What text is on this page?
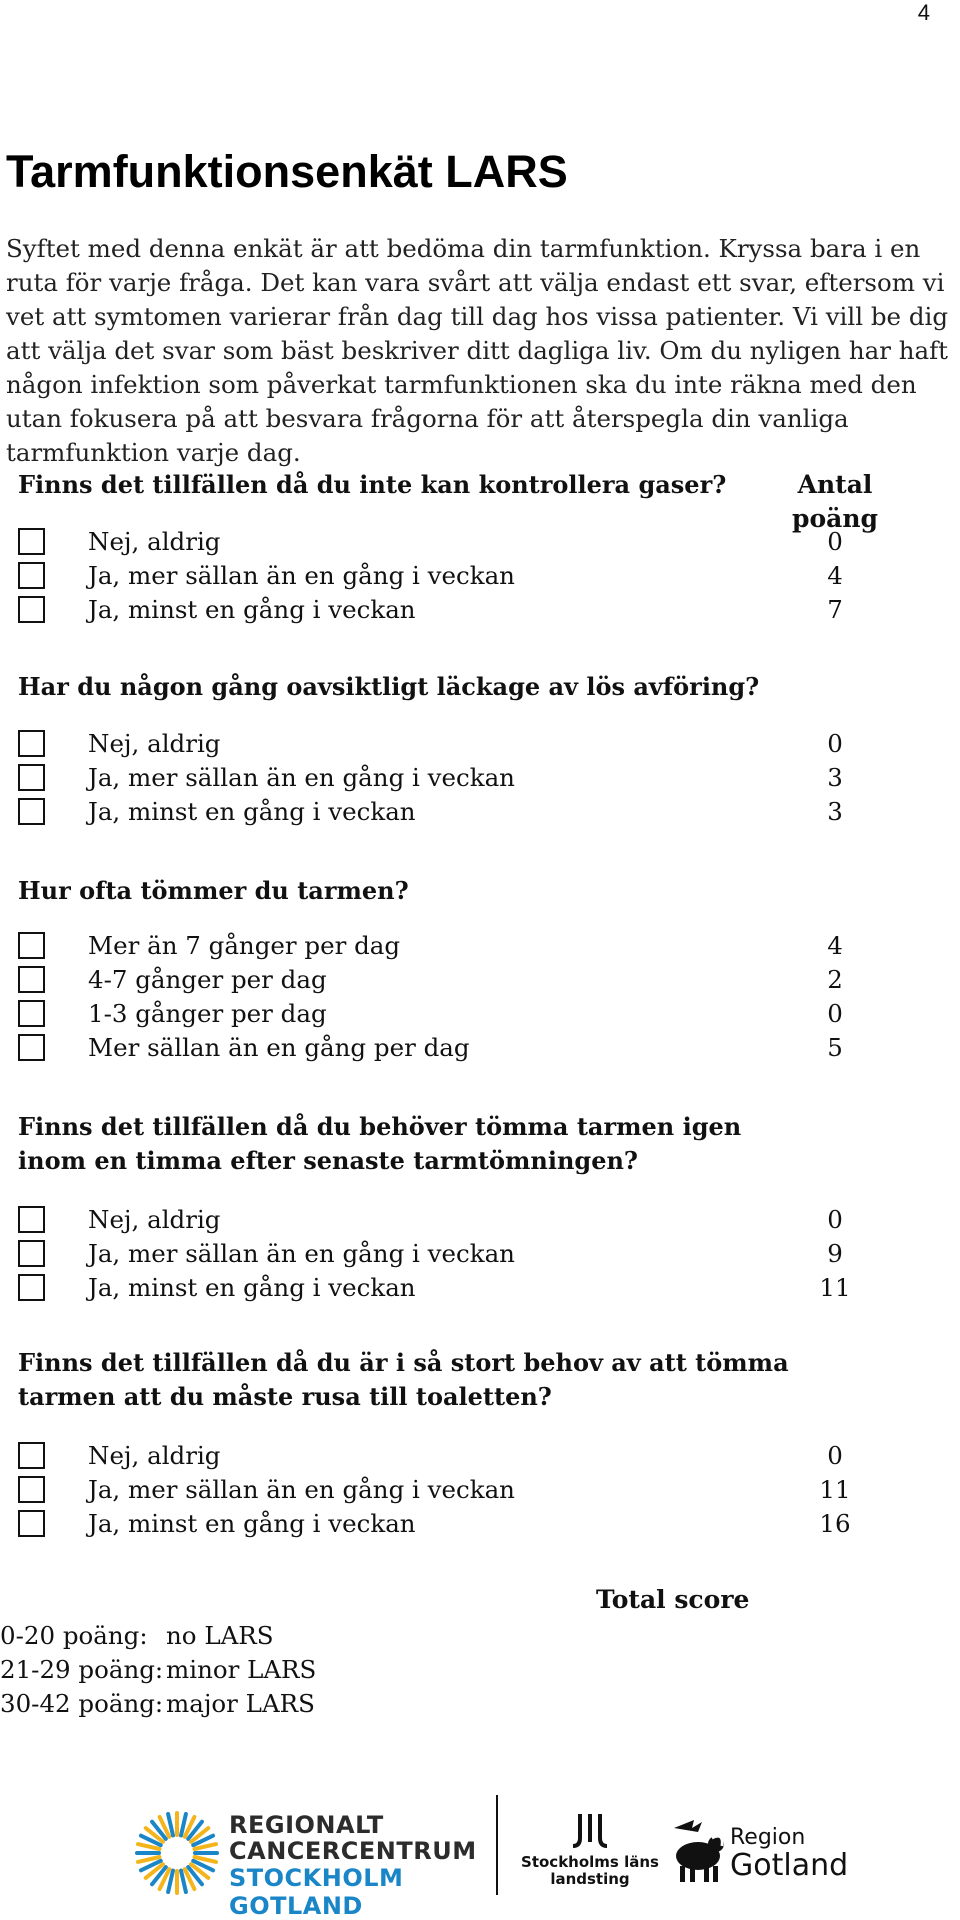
4
Tarmfunktionsenkät LARS

Syftet med denna enkät är att bedöma din tarmfunktion. Kryssa bara i en ruta för varje fråga. Det kan vara svårt att välja endast ett svar, eftersom vi vet att symtomen varierar från dag till dag hos vissa patienter. Vi vill be dig att välja det svar som bäst beskriver ditt dagliga liv. Om du nyligen har haft någon infektion som påverkat tarmfunktionen ska du inte räkna med den utan fokusera på att besvara frågorna för att återspegla din vanliga tarmfunktion varje dag.

Antal
poäng

Finns det tillfällen då du inte kan kontrollera gaser?

Nej, aldrig	0
Ja, mer sällan än en gång i veckan	4
Ja, minst en gång i veckan	7

Har du någon gång oavsiktligt läckage av lös avföring?

Nej, aldrig	0
Ja, mer sällan än en gång i veckan	3
Ja, minst en gång i veckan	3

Hur ofta tömmer du tarmen?

Mer än 7 gånger per dag	4
4-7 gånger per dag	2
1-3 gånger per dag	0
Mer sällan än en gång per dag	5

Finns det tillfällen då du behöver tömma tarmen igen
inom en timma efter senaste tarmtömningen?

Nej, aldrig	0
Ja, mer sällan än en gång i veckan	9
Ja, minst en gång i veckan	11

Finns det tillfällen då du är i så stort behov av att tömma
tarmen att du måste rusa till toaletten?

Nej, aldrig	0
Ja, mer sällan än en gång i veckan	11
Ja, minst en gång i veckan	16
Total score
0-20 poäng: no LARS
21-29 poäng: minor LARS
30-42 poäng: major LARS
REGIONALT
CANCERCENTRUM
STOCKHOLM GOTLAND
Stockholms läns
landsting
Region
Gotland
